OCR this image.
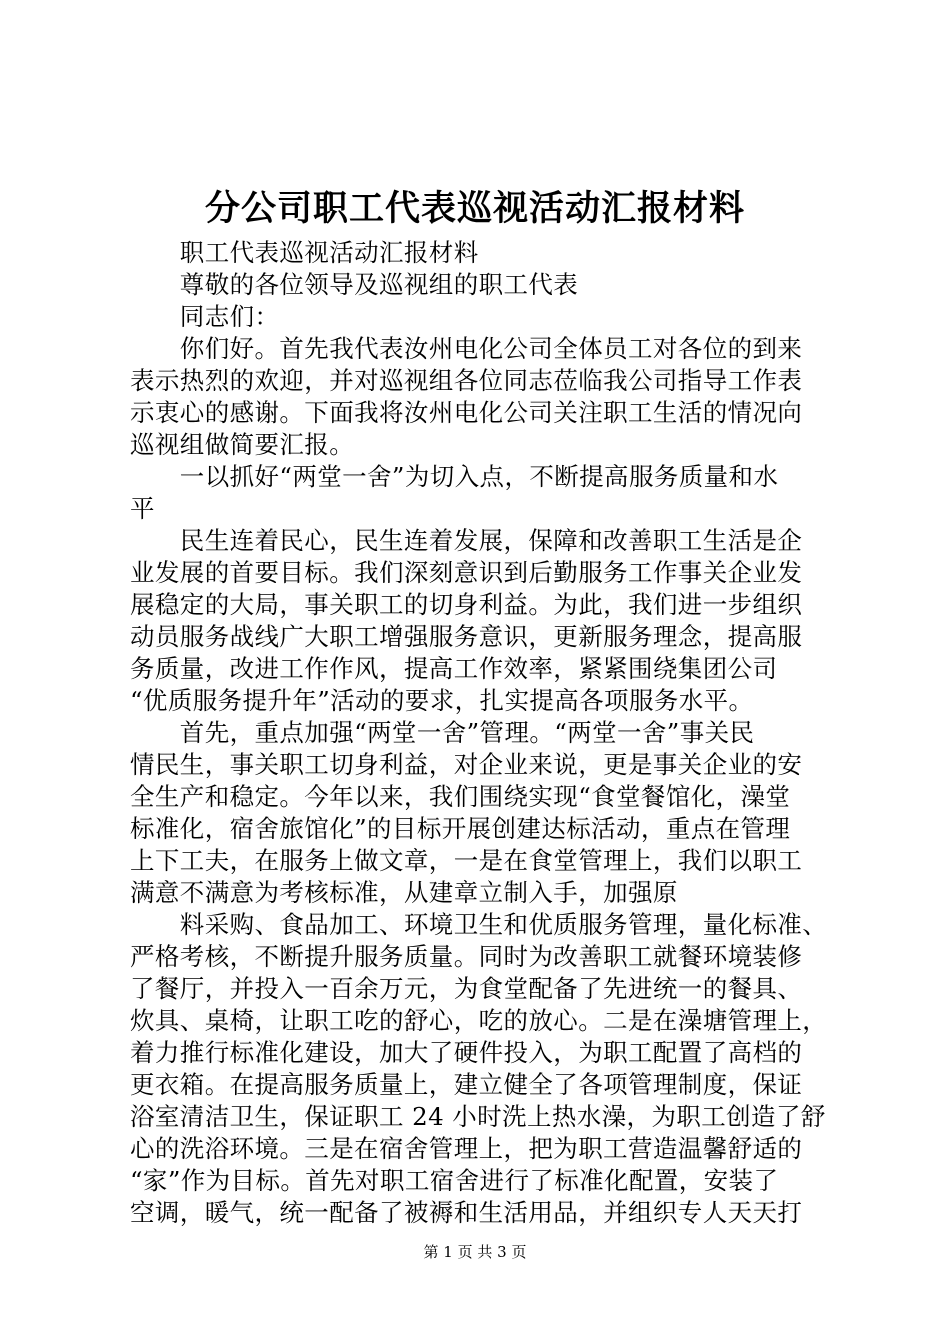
分公司职工代表巡视活动汇报材料
　　职工代表巡视活动汇报材料
　　尊敬的各位领导及巡视组的职工代表
　　同志们：
　　你们好。首先我代表汝州电化公司全体员工对各位的到来
表示热烈的欢迎，并对巡视组各位同志莅临我公司指导工作表
示衷心的感谢。下面我将汝州电化公司关注职工生活的情况向
巡视组做简要汇报。
　　一以抓好“两堂一舍”为切入点，不断提高服务质量和水
平
　　民生连着民心，民生连着发展，保障和改善职工生活是企
业发展的首要目标。我们深刻意识到后勤服务工作事关企业发
展稳定的大局，事关职工的切身利益。为此，我们进一步组织
动员服务战线广大职工增强服务意识，更新服务理念，提高服
务质量，改进工作作风，提高工作效率，紧紧围绕集团公司
“优质服务提升年”活动的要求，扎实提高各项服务水平。
　　首先，重点加强“两堂一舍”管理。“两堂一舍”事关民
情民生，事关职工切身利益，对企业来说，更是事关企业的安
全生产和稳定。今年以来，我们围绕实现“食堂餐馆化，澡堂
标准化，宿舍旅馆化”的目标开展创建达标活动，重点在管理
上下工夫，在服务上做文章，一是在食堂管理上，我们以职工
满意不满意为考核标准，从建章立制入手，加强原
　　料采购、食品加工、环境卫生和优质服务管理，量化标准、
严格考核，不断提升服务质量。同时为改善职工就餐环境装修
了餐厅，并投入一百余万元，为食堂配备了先进统一的餐具、
炊具、桌椅，让职工吃的舒心，吃的放心。二是在澡塘管理上，
着力推行标准化建设，加大了硬件投入，为职工配置了高档的
更衣箱。在提高服务质量上，建立健全了各项管理制度，保证
浴室清洁卫生，保证职工 24 小时洗上热水澡，为职工创造了舒
心的洗浴环境。三是在宿舍管理上，把为职工营造温馨舒适的
“家”作为目标。首先对职工宿舍进行了标准化配置，安装了
空调，暖气，统一配备了被褥和生活用品，并组织专人天天打
第 1 页 共 3 页
